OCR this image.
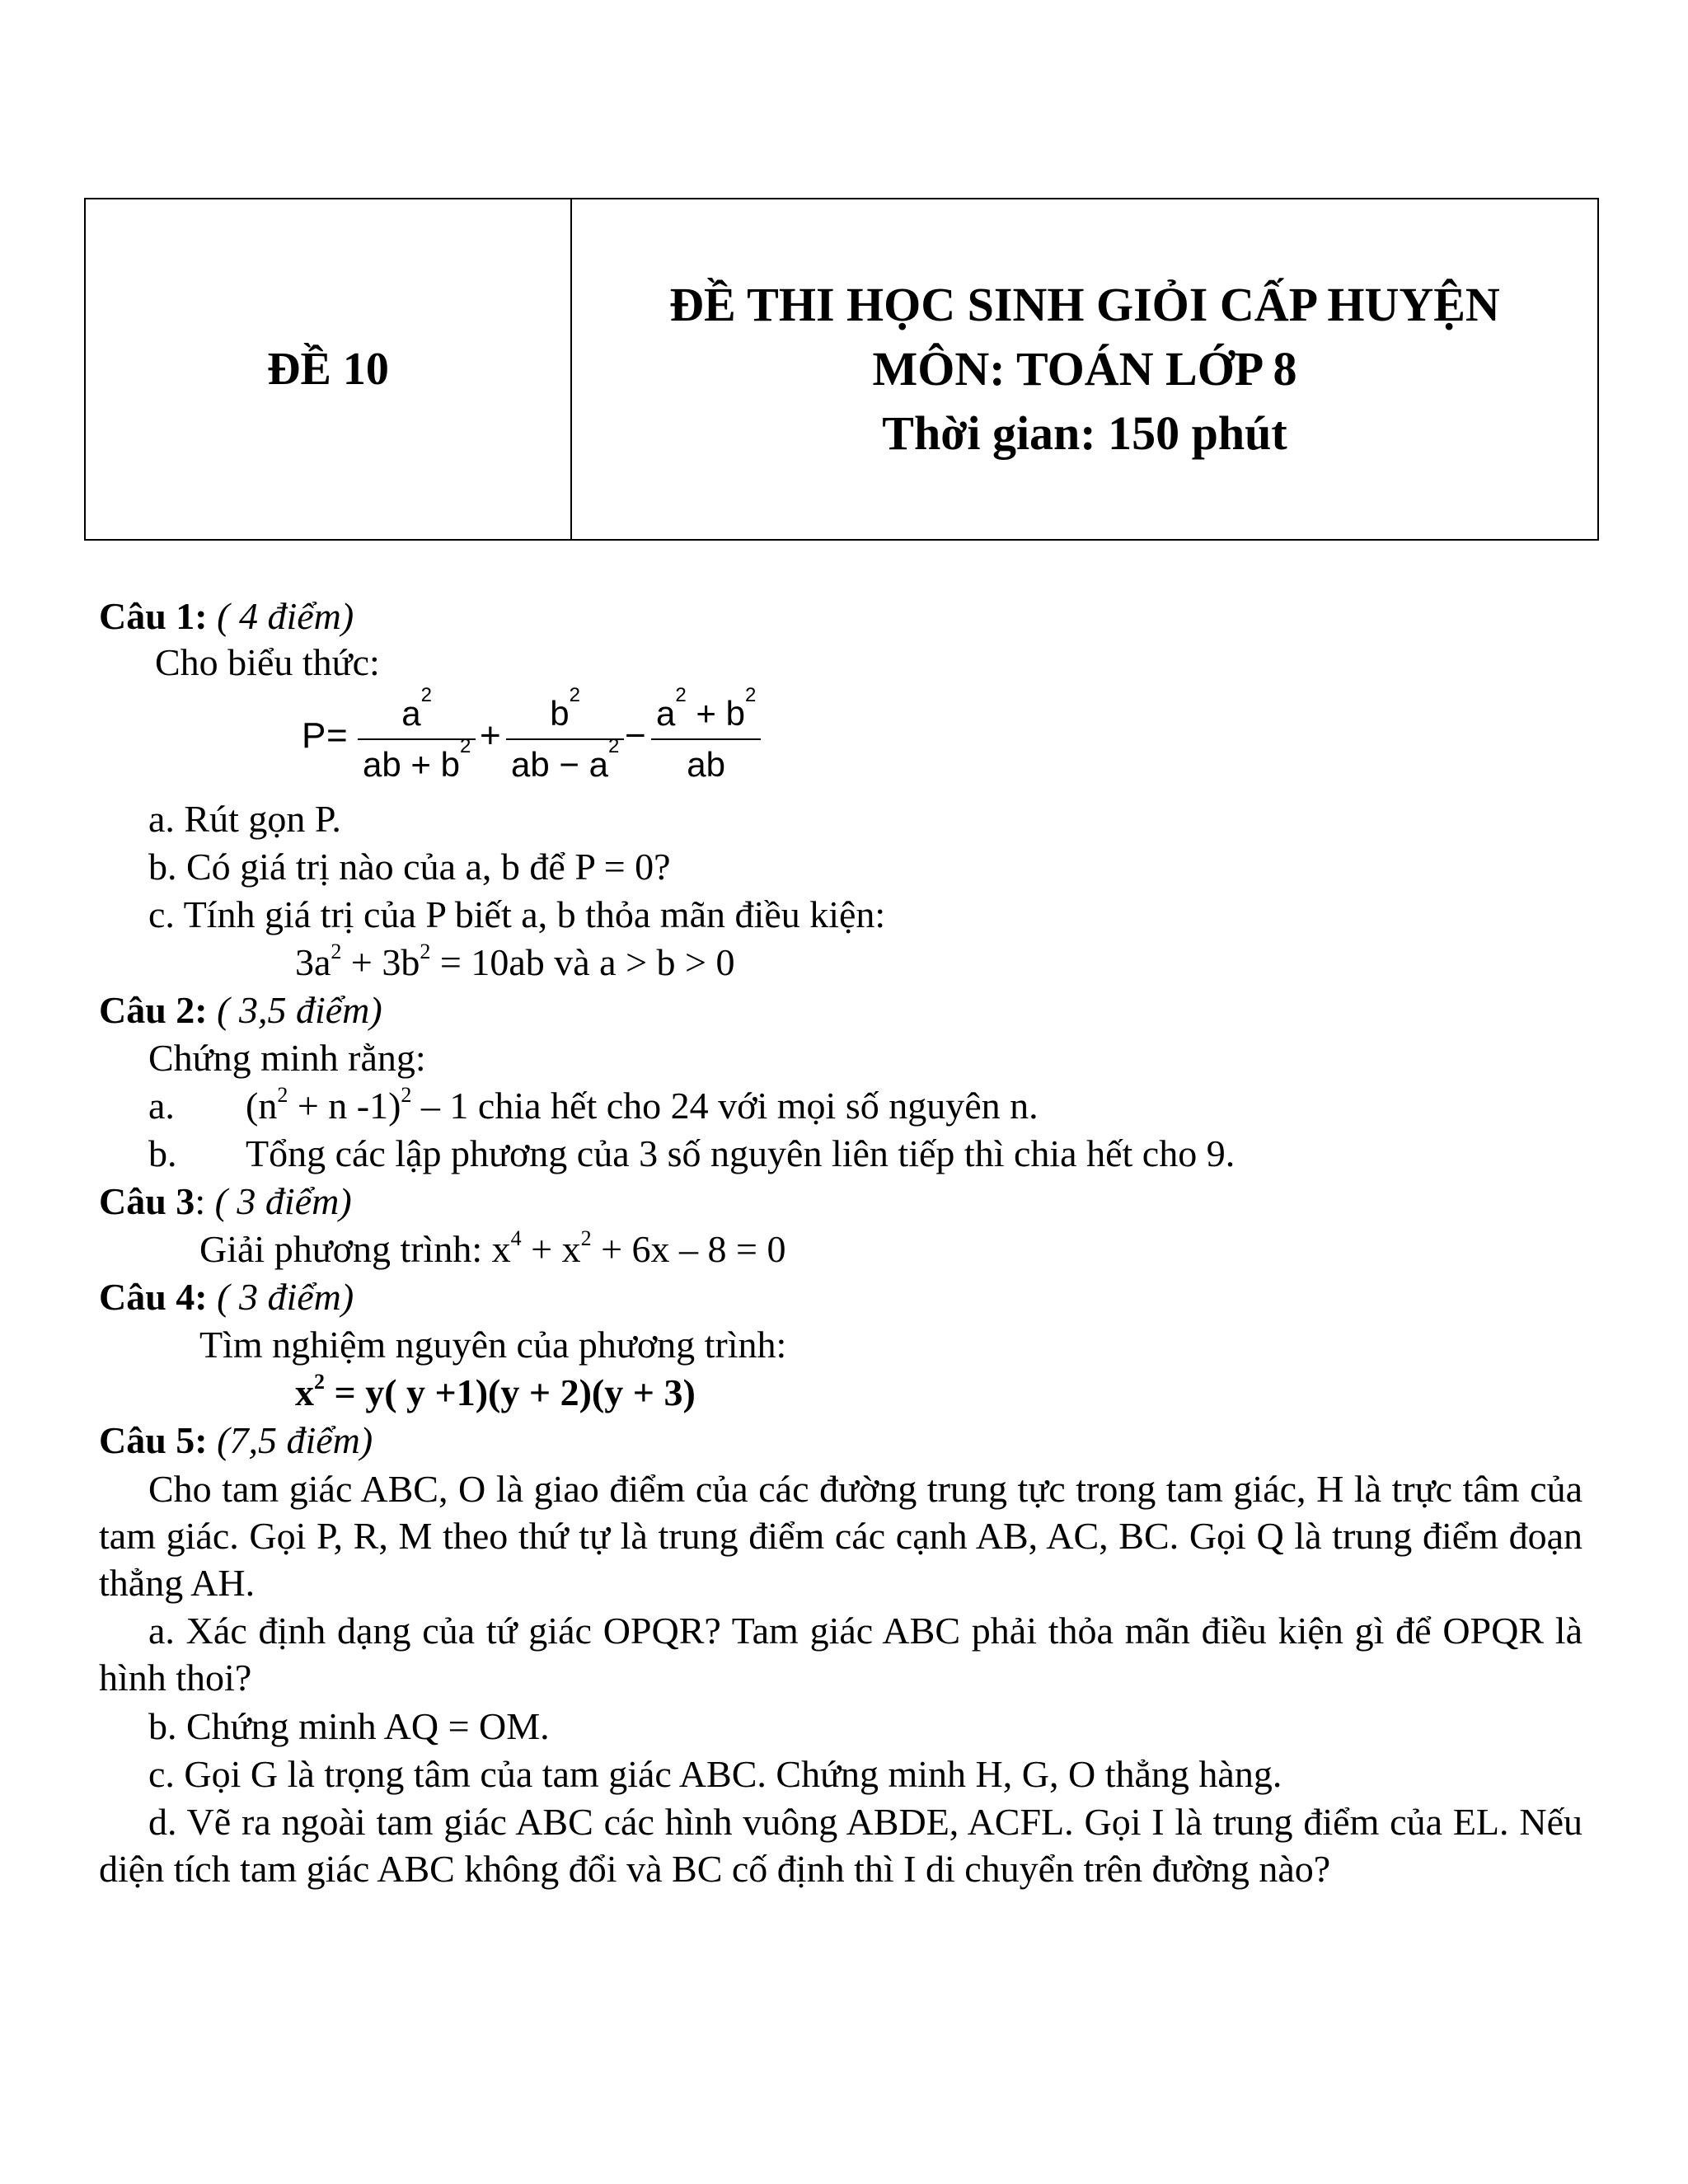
ĐỀ 10
ĐỀ THI HỌC SINH GIỎI CẤP HUYỆN
MÔN: TOÁN LỚP 8
Thời gian: 150 phút
Câu 1: ( 4 điểm)
Cho biểu thức:
P =
$a^2$
ab + $b^2$ +
$b^2$
ab − $a^2$ −
$a^2 + b^2$
ab
a. Rút gọn P.
b. Có giá trị nào của a, b để P = 0?
c. Tính giá trị của P biết a, b thỏa mãn điều kiện:
$3a^2 + 3b^2 = 10ab$ và a > b > 0
Câu 2: ( 3,5 điểm)
Chứng minh rằng:
a. ($n^2 + n$ -1)$^2$ – 1 chia hết cho 24 với mọi số nguyên n.
b. Tổng các lập phương của 3 số nguyên liên tiếp thì chia hết cho 9.
Câu 3: ( 3 điểm)
Giải phương trình: $x^4 + x^2 + 6x - 8 = 0$
Câu 4: ( 3 điểm)
Tìm nghiệm nguyên của phương trình:
$x^2 = y$( y +1)(y + 2)(y + 3)
Câu 5: (7,5 điểm)
Cho tam giác ABC, O là giao điểm của các đường trung tực trong tam giác, H là trực tâm của tam giác. Gọi P, R, M theo thứ tự là trung điểm các cạnh AB, AC, BC. Gọi Q là trung điểm đoạn thẳng AH.
a. Xác định dạng của tứ giác OPQR? Tam giác ABC phải thỏa mãn điều kiện gì để OPQR là hình thoi?
b. Chứng minh AQ = OM.
c. Gọi G là trọng tâm của tam giác ABC. Chứng minh H, G, O thẳng hàng.
d. Vẽ ra ngoài tam giác ABC các hình vuông ABDE, ACFL. Gọi I là trung điểm của EL. Nếu diện tích tam giác ABC không đổi và BC cố định thì I di chuyển trên đường nào?
